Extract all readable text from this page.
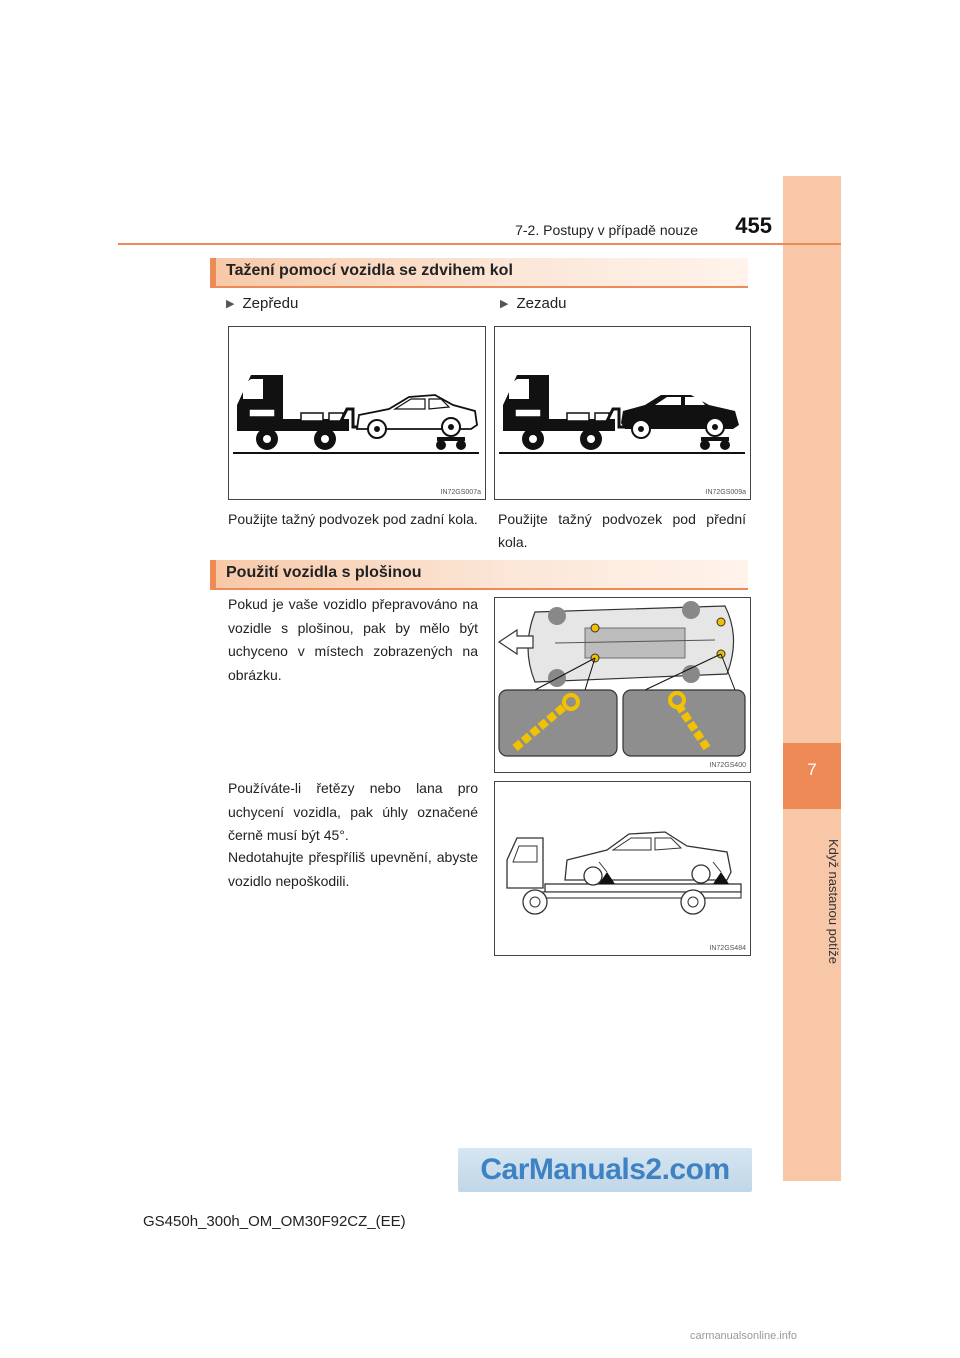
7
Když nastanou potíže
7-2. Postupy v případě nouze	455
Tažení pomocí vozidla se zdvihem kol
▶ Zepředu	▶ Zezadu
IN72GS007a	IN72GS009a
Použijte tažný podvozek pod zadní kola.	Použijte tažný podvozek pod přední kola.
Použití vozidla s plošinou
Pokud je vaše vozidlo přepravováno na vozidle s plošinou, pak by mělo být uchyceno v místech zobrazených na obrázku.
IN72GS400
Používáte-li řetězy nebo lana pro uchycení vozidla, pak úhly označené černě musí být 45°.
Nedotahujte přespříliš upevnění, abyste vozidlo nepoškodili.
IN72GS484
CarManuals2.com
GS450h_300h_OM_OM30F92CZ_(EE)
carmanualsonline.info
